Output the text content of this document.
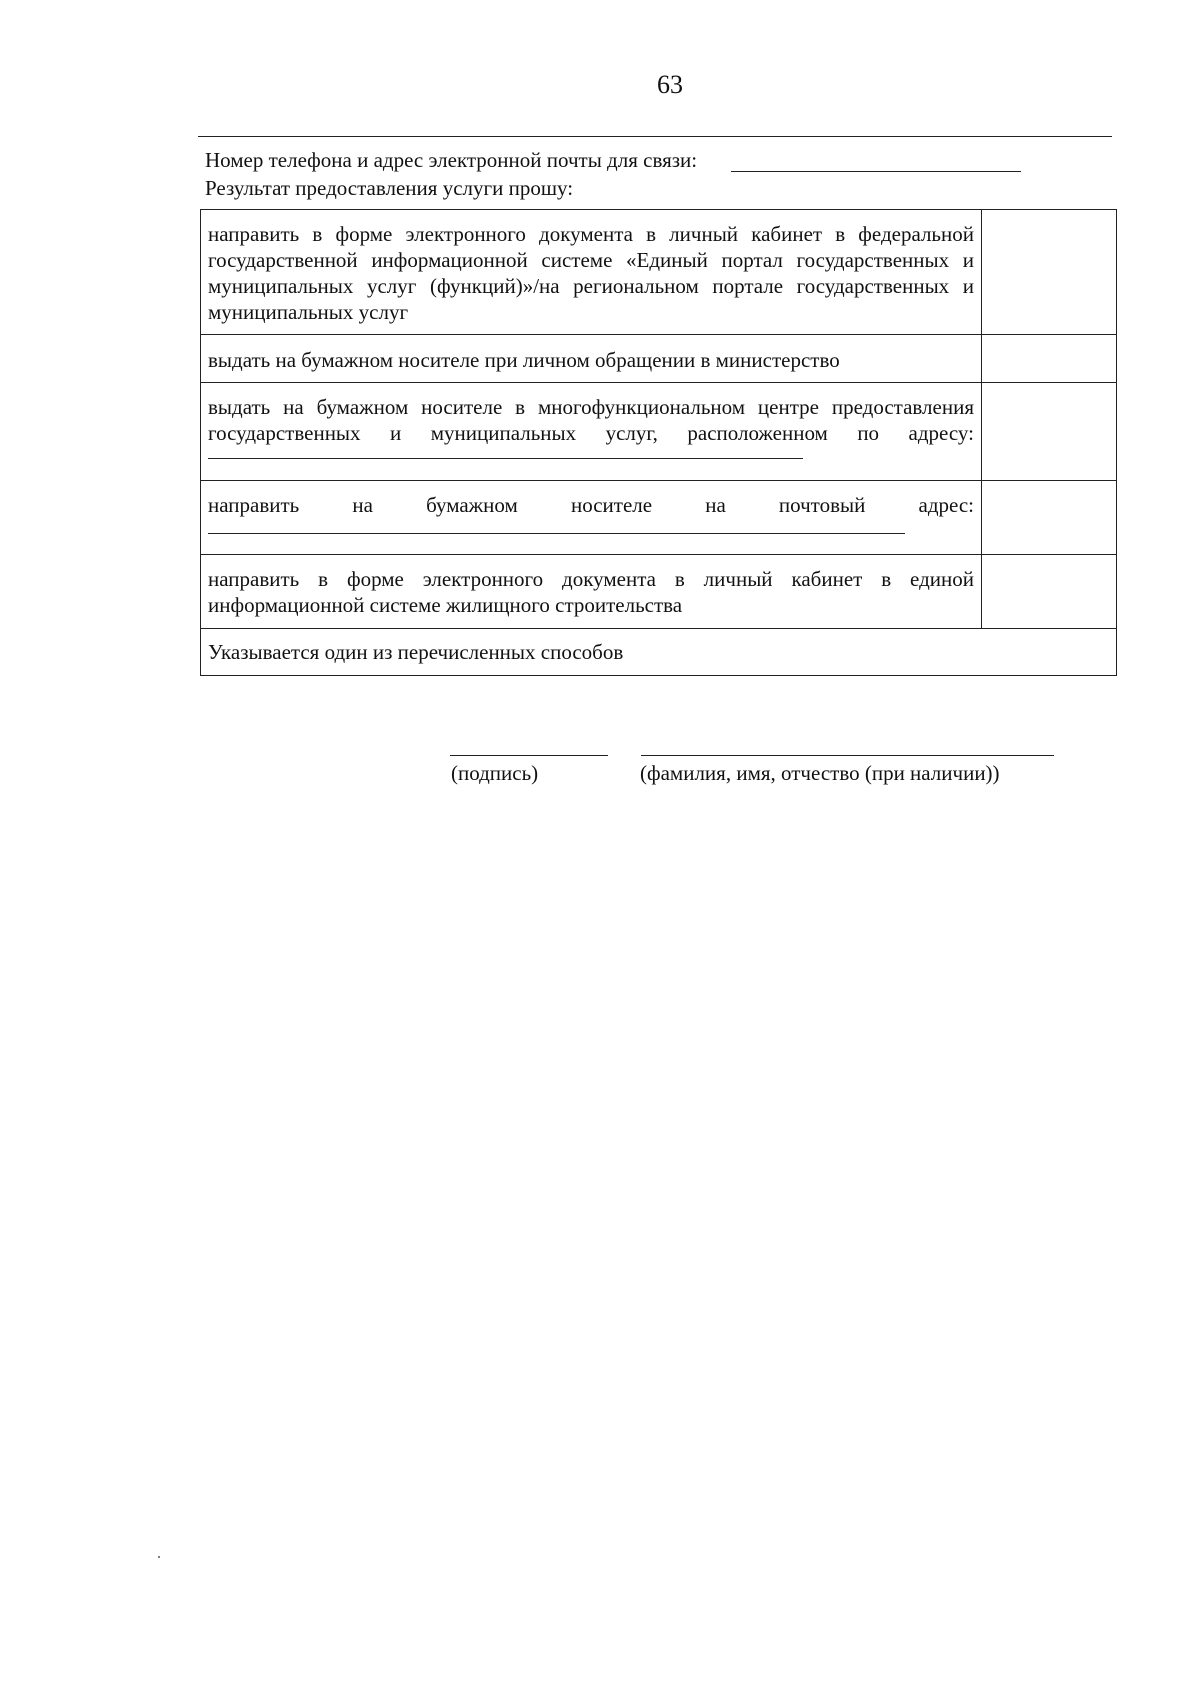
63
Номер телефона и адрес электронной почты для связи:
Результат предоставления услуги прошу:
направить в форме электронного документа в личный кабинет в федеральной государственной информационной системе «Единый портал государственных и муниципальных услуг (функций)»/на региональном портале государственных и муниципальных услуг	

выдать на бумажном носителе при личном обращении в министерство	

выдать на бумажном носителе в многофункциональном центре предоставления государственных и муниципальных услуг, расположенном по адресу:	

направить на бумажном носителе на почтовый адрес:	

направить в форме электронного документа в личный кабинет в единой информационной системе жилищного строительства	

Указывается один из перечисленных способов	
(подпись)	(фамилия, имя, отчество (при наличии))
